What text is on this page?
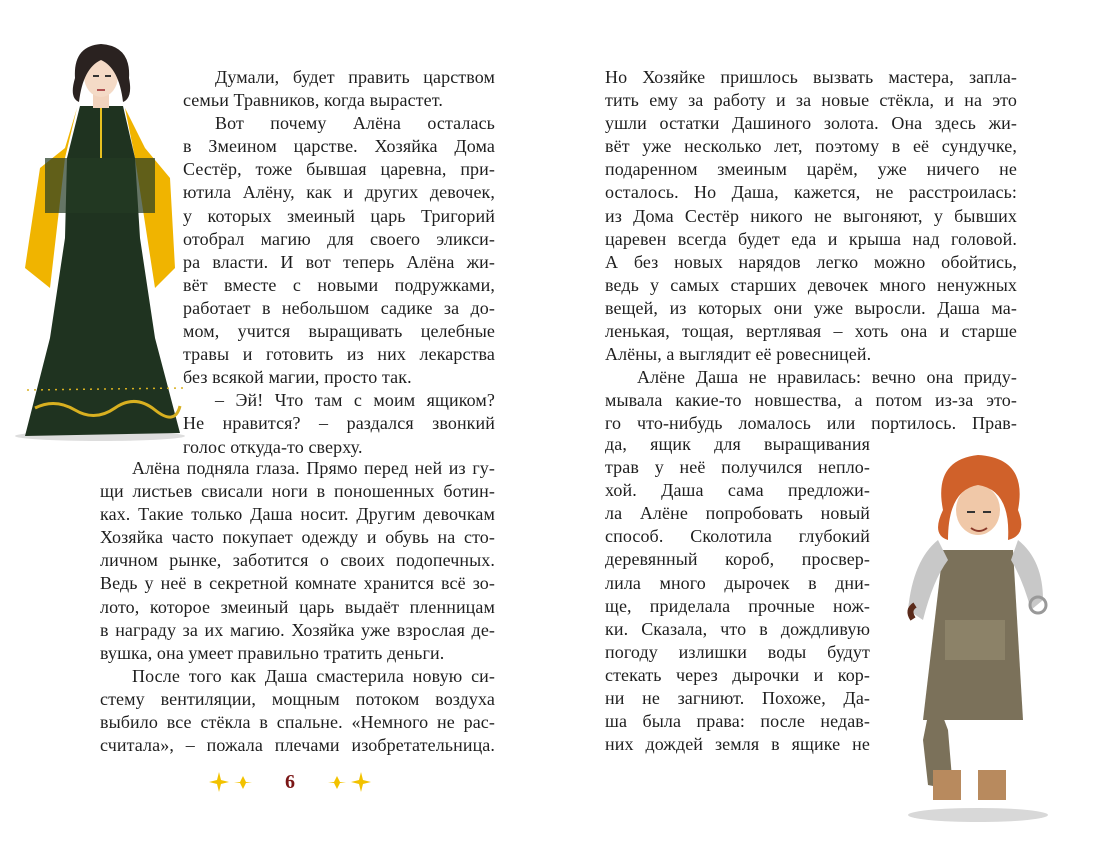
Думали, будет править царством
семьи Травников, когда вырастет.
Вот почему Алёна осталась
в Змеином царстве. Хозяйка Дома
Сестёр, тоже бывшая царевна, при-
ютила Алёну, как и других девочек,
у которых змеиный царь Тригорий
отобрал магию для своего эликси-
ра власти. И вот теперь Алёна жи-
вёт вместе с новыми подружками,
работает в небольшом садике за до-
мом, учится выращивать целебные
травы и готовить из них лекарства
без всякой магии, просто так.
– Эй! Что там с моим ящиком?
Не нравится? – раздался звонкий
голос откуда-то сверху.
Алёна подняла глаза. Прямо перед ней из гу-
щи листьев свисали ноги в поношенных ботин-
ках. Такие только Даша носит. Другим девочкам
Хозяйка часто покупает одежду и обувь на сто-
личном рынке, заботится о своих подопечных.
Ведь у неё в секретной комнате хранится всё зо-
лото, которое змеиный царь выдаёт пленницам
в награду за их магию. Хозяйка уже взрослая де-
вушка, она умеет правильно тратить деньги.
После того как Даша смастерила новую си-
стему вентиляции, мощным потоком воздуха
выбило все стёкла в спальне. «Немного не рас-
считала», – пожала плечами изобретательница.
Но Хозяйке пришлось вызвать мастера, запла-
тить ему за работу и за новые стёкла, и на это
ушли остатки Дашиного золота. Она здесь жи-
вёт уже несколько лет, поэтому в её сундучке,
подаренном змеиным царём, уже ничего не
осталось. Но Даша, кажется, не расстроилась:
из Дома Сестёр никого не выгоняют, у бывших
царевен всегда будет еда и крыша над головой.
А без новых нарядов легко можно обойтись,
ведь у самых старших девочек много ненужных
вещей, из которых они уже выросли. Даша ма-
ленькая, тощая, вертлявая – хоть она и старше
Алёны, а выглядит её ровесницей.
Алёне Даша не нравилась: вечно она приду-
мывала какие-то новшества, а потом из-за это-
го что-нибудь ломалось или портилось. Прав-
да, ящик для выращивания
трав у неё получился непло-
хой. Даша сама предложи-
ла Алёне попробовать новый
способ. Сколотила глубокий
деревянный короб, просвер-
лила много дырочек в дни-
ще, приделала прочные нож-
ки. Сказала, что в дождливую
погоду излишки воды будут
стекать через дырочки и кор-
ни не загниют. Похоже, Да-
ша была права: после недав-
них дождей земля в ящике не
6
